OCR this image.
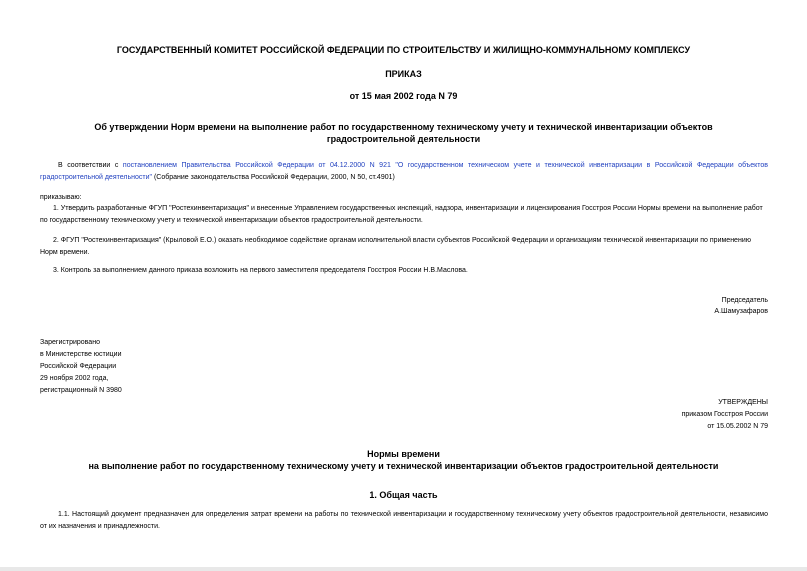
ГОСУДАРСТВЕННЫЙ КОМИТЕТ РОССИЙСКОЙ ФЕДЕРАЦИИ ПО СТРОИТЕЛЬСТВУ И ЖИЛИЩНО-КОММУНАЛЬНОМУ КОМПЛЕКСУ
ПРИКАЗ
от 15 мая 2002 года N 79
Об утверждении Норм времени на выполнение работ по государственному техническому учету и технической инвентаризации объектов градостроительной деятельности
В соответствии с постановлением Правительства Российской Федерации от 04.12.2000 N 921 "О государственном техническом учете и технической инвентаризации в Российской Федерации объектов градостроительной деятельности" (Собрание законодательства Российской Федерации, 2000, N 50, ст.4901)
приказываю:
1. Утвердить разработанные ФГУП "Ростехинвентаризация" и внесенные Управлением государственных инспекций, надзора, инвентаризации и лицензирования Госстроя России Нормы времени на выполнение работ по государственному техническому учету и технической инвентаризации объектов градостроительной деятельности.
2. ФГУП "Ростехинвентаризация" (Крыловой Е.О.) оказать необходимое содействие органам исполнительной власти субъектов Российской Федерации и организациям технической инвентаризации по применению Норм времени.
3. Контроль за выполнением данного приказа возложить на первого заместителя председателя Госстроя России Н.В.Маслова.
Председатель
А.Шамузафаров
Зарегистрировано
в Министерстве юстиции
Российской Федерации
29 ноября 2002 года,
регистрационный N 3980
УТВЕРЖДЕНЫ
приказом Госстроя России
от 15.05.2002 N 79
Нормы времени
на выполнение работ по государственному техническому учету и технической инвентаризации объектов градостроительной деятельности
1. Общая часть
1.1. Настоящий документ предназначен для определения затрат времени на работы по технической инвентаризации и государственному техническому учету объектов градостроительной деятельности, независимо от их назначения и принадлежности.
